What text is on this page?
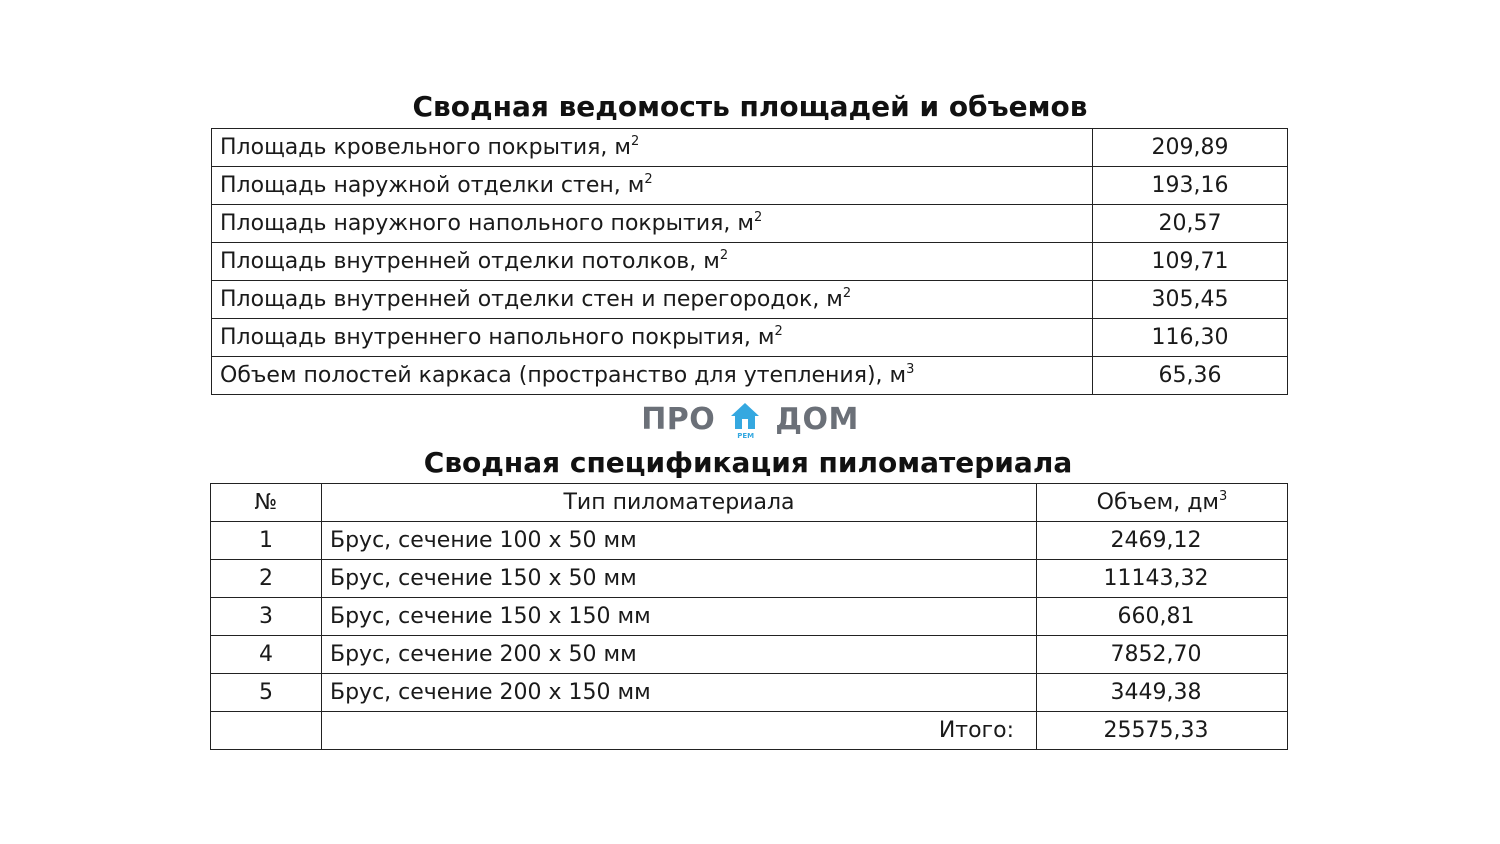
Сводная ведомость площадей и объемов
Площадь кровельного покрытия, $м^2$	209,89
Площадь наружной отделки стен, $м^2$	193,16
Площадь наружного напольного покрытия, $м^2$	20,57
Площадь внутренней отделки потолков, $м^2$	109,71
Площадь внутренней отделки стен и перегородок, $м^2$	305,45
Площадь внутреннего напольного покрытия, $м^2$	116,30
Объем полостей каркаса (пространство для утепления), $м^3$	65,36
ПРО	РЕМ ДОМ
Сводная спецификация пиломатериала
№	Тип пиломатериала	Объем, $дм^3$
1	Брус, сечение 100 x 50 мм	2469,12
2	Брус, сечение 150 x 50 мм	11143,32
3	Брус, сечение 150 x 150 мм	660,81
4	Брус, сечение 200 x 50 мм	7852,70
5	Брус, сечение 200 x 150 мм	3449,38
	Итого:	25575,33
